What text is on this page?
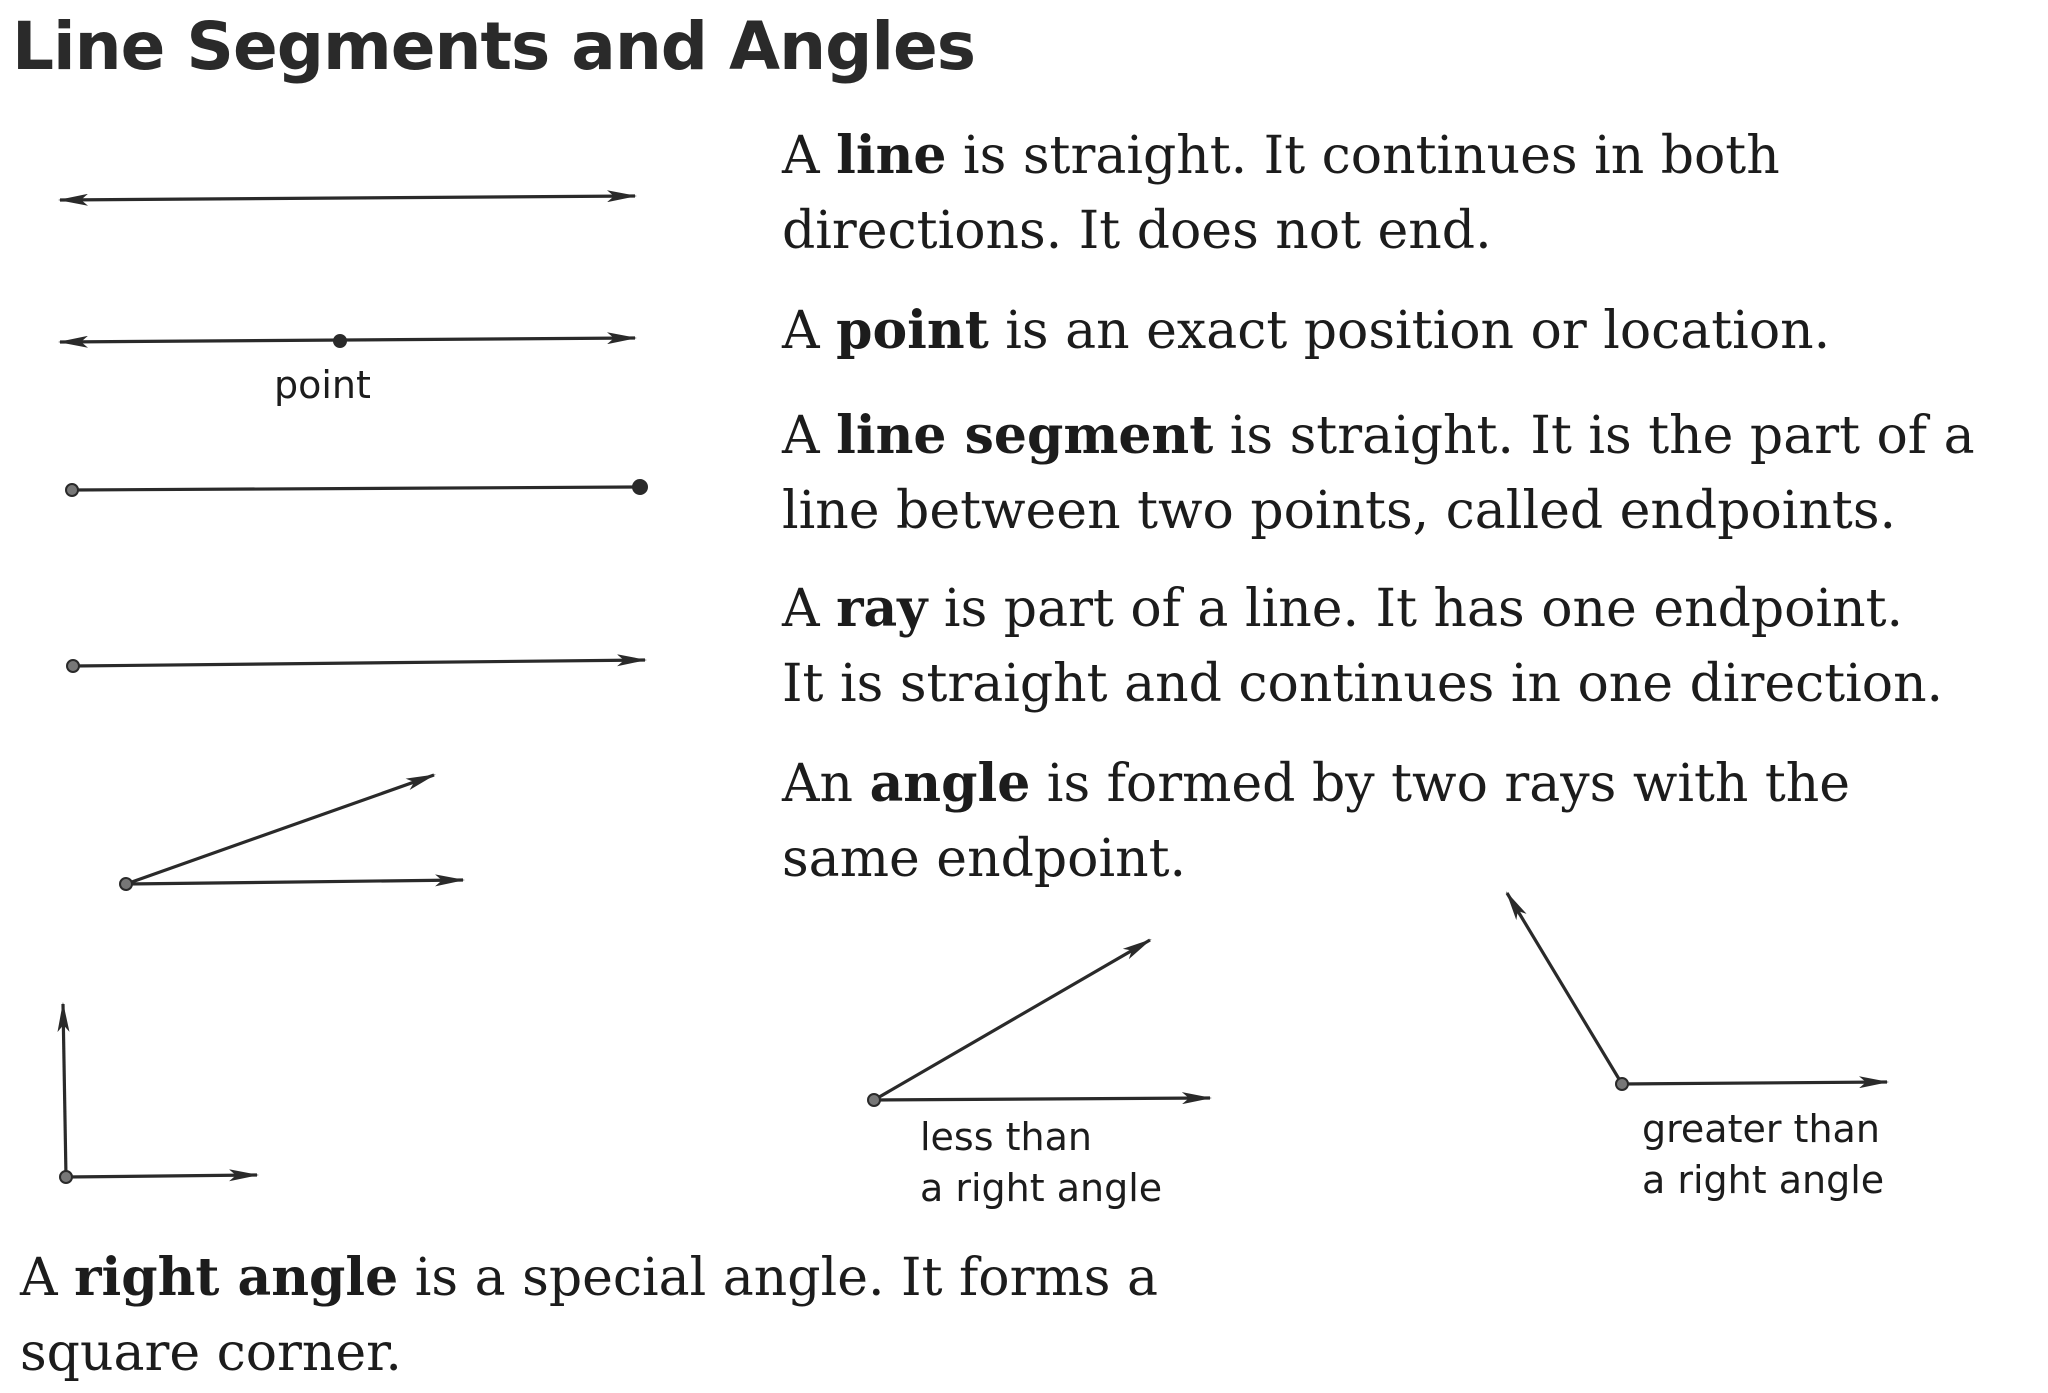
Line Segments and Angles
point
less than
a right angle
greater than
a right angle
A line is straight. It continues in both
directions. It does not end.
A point is an exact position or location.
A line segment is straight. It is the part of a
line between two points, called endpoints.
A ray is part of a line. It has one endpoint.
It is straight and continues in one direction.
An angle is formed by two rays with the
same endpoint.
A right angle is a special angle. It forms a
square corner.
